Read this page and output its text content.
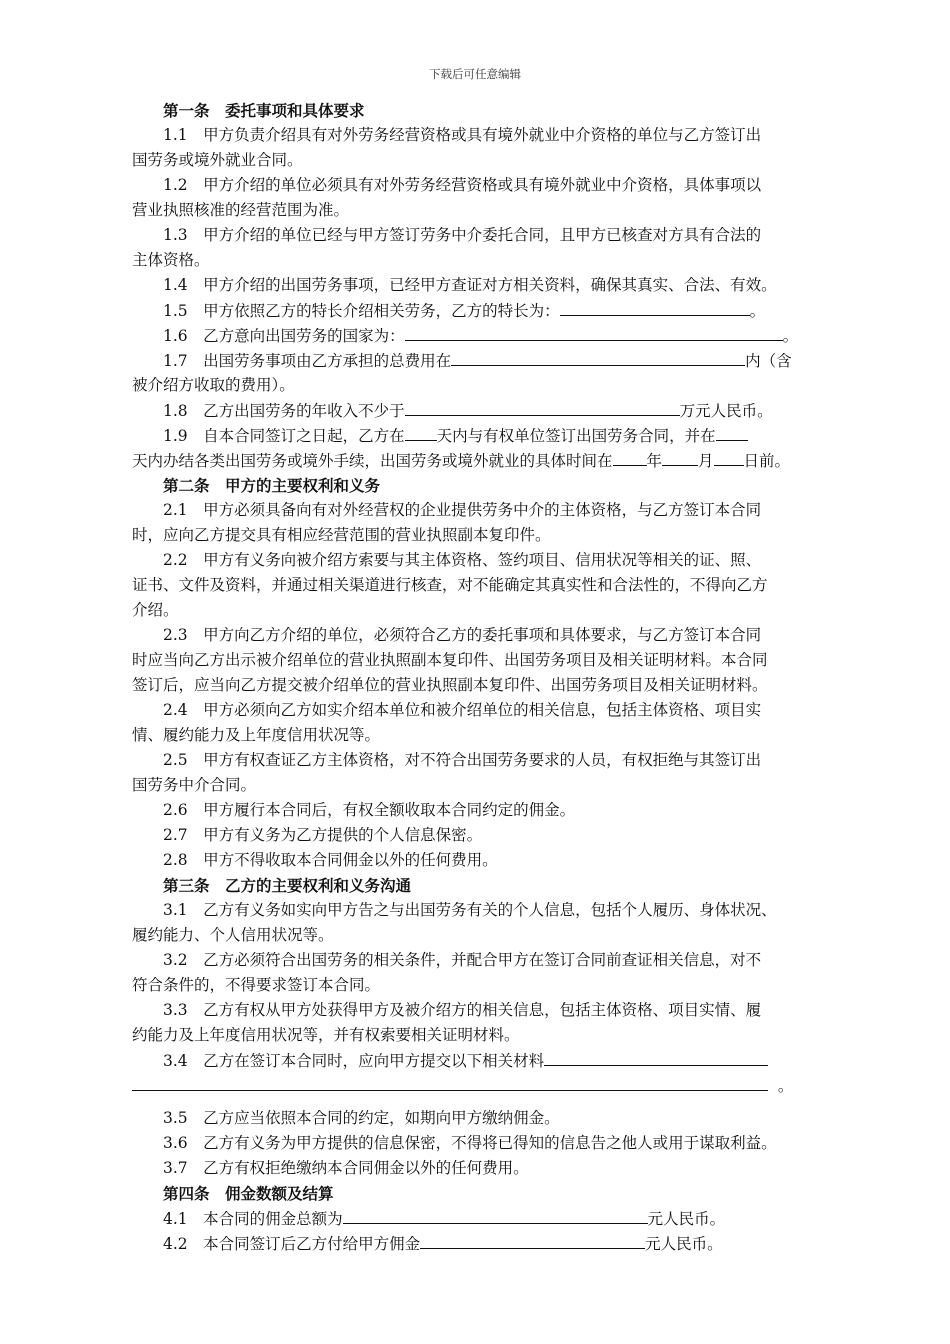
下载后可任意编辑
第一条　委托事项和具体要求
1.1　甲方负责介绍具有对外劳务经营资格或具有境外就业中介资格的单位与乙方签订出
国劳务或境外就业合同。
1.2　甲方介绍的单位必须具有对外劳务经营资格或具有境外就业中介资格，具体事项以
营业执照核准的经营范围为准。
1.3　甲方介绍的单位已经与甲方签订劳务中介委托合同，且甲方已核查对方具有合法的
主体资格。
1.4　甲方介绍的出国劳务事项，已经甲方查证对方相关资料，确保其真实、合法、有效。
1.5　甲方依照乙方的特长介绍相关劳务，乙方的特长为：	。
1.6　乙方意向出国劳务的国家为：	。
1.7　出国劳务事项由乙方承担的总费用在	内（含
被介绍方收取的费用）。
1.8　乙方出国劳务的年收入不少于	万元人民币。
1.9　自本合同签订之日起，乙方在 天内与有权单位签订出国劳务合同，并在
天内办结各类出国劳务或境外手续，出国劳务或境外就业的具体时间在 年 月 日前。
第二条　甲方的主要权利和义务
2.1　甲方必须具备向有对外经营权的企业提供劳务中介的主体资格，与乙方签订本合同
时，应向乙方提交具有相应经营范围的营业执照副本复印件。
2.2　甲方有义务向被介绍方索要与其主体资格、签约项目、信用状况等相关的证、照、
证书、文件及资料，并通过相关渠道进行核查，对不能确定其真实性和合法性的，不得向乙方
介绍。
2.3　甲方向乙方介绍的单位，必须符合乙方的委托事项和具体要求，与乙方签订本合同
时应当向乙方出示被介绍单位的营业执照副本复印件、出国劳务项目及相关证明材料。本合同
签订后，应当向乙方提交被介绍单位的营业执照副本复印件、出国劳务项目及相关证明材料。
2.4　甲方必须向乙方如实介绍本单位和被介绍单位的相关信息，包括主体资格、项目实
情、履约能力及上年度信用状况等。
2.5　甲方有权查证乙方主体资格，对不符合出国劳务要求的人员，有权拒绝与其签订出
国劳务中介合同。
2.6　甲方履行本合同后，有权全额收取本合同约定的佣金。
2.7　甲方有义务为乙方提供的个人信息保密。
2.8　甲方不得收取本合同佣金以外的任何费用。
第三条　乙方的主要权利和义务沟通
3.1　乙方有义务如实向甲方告之与出国劳务有关的个人信息，包括个人履历、身体状况、
履约能力、个人信用状况等。
3.2　乙方必须符合出国劳务的相关条件，并配合甲方在签订合同前查证相关信息，对不
符合条件的，不得要求签订本合同。
3.3　乙方有权从甲方处获得甲方及被介绍方的相关信息，包括主体资格、项目实情、履
约能力及上年度信用状况等，并有权索要相关证明材料。
3.4　乙方在签订本合同时，应向甲方提交以下相关材料
。
3.5　乙方应当依照本合同的约定，如期向甲方缴纳佣金。
3.6　乙方有义务为甲方提供的信息保密，不得将已得知的信息告之他人或用于谋取利益。
3.7　乙方有权拒绝缴纳本合同佣金以外的任何费用。
第四条　佣金数额及结算
4.1　本合同的佣金总额为	元人民币。
4.2　本合同签订后乙方付给甲方佣金	元人民币。
